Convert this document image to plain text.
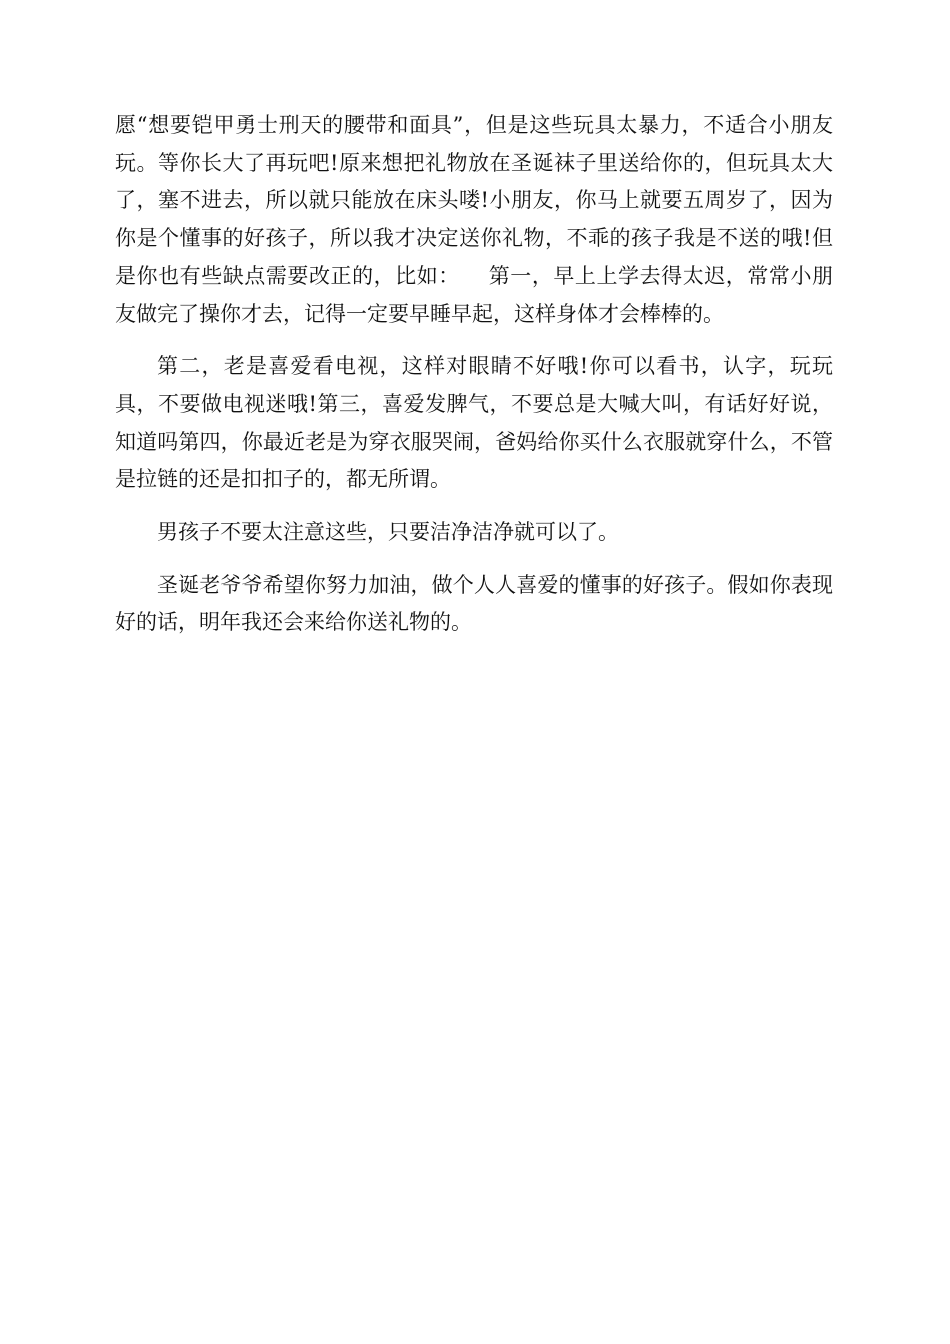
愿“想要铠甲勇士刑天的腰带和面具”，但是这些玩具太暴力，不适合小朋友玩。等你长大了再玩吧!原来想把礼物放在圣诞袜子里送给你的，但玩具太大了，塞不进去，所以就只能放在床头喽!小朋友，你马上就要五周岁了，因为你是个懂事的好孩子，所以我才决定送你礼物，不乖的孩子我是不送的哦!但是你也有些缺点需要改正的，比如：    第一，早上上学去得太迟，常常小朋友做完了操你才去，记得一定要早睡早起，这样身体才会棒棒的。

第二，老是喜爱看电视，这样对眼睛不好哦!你可以看书，认字，玩玩具，不要做电视迷哦!第三，喜爱发脾气，不要总是大喊大叫，有话好好说，知道吗第四，你最近老是为穿衣服哭闹，爸妈给你买什么衣服就穿什么，不管是拉链的还是扣扣子的，都无所谓。

男孩子不要太注意这些，只要洁净洁净就可以了。

圣诞老爷爷希望你努力加油，做个人人喜爱的懂事的好孩子。假如你表现好的话，明年我还会来给你送礼物的。
